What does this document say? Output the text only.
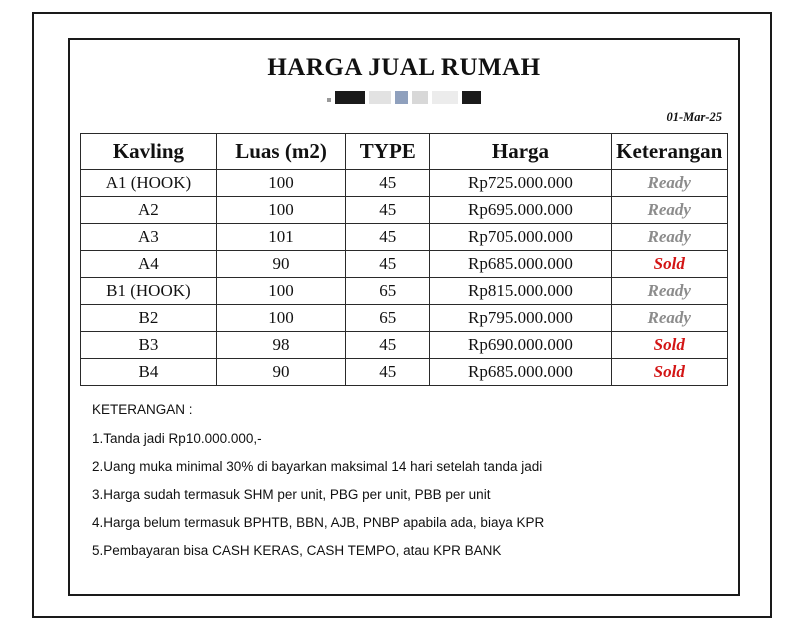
HARGA JUAL RUMAH
01-Mar-25
Kavling	Luas (m2)	TYPE	Harga	Keterangan
A1 (HOOK)	100	45	Rp725.000.000	Ready
A2	100	45	Rp695.000.000	Ready
A3	101	45	Rp705.000.000	Ready
A4	90	45	Rp685.000.000	Sold
B1 (HOOK)	100	65	Rp815.000.000	Ready
B2	100	65	Rp795.000.000	Ready
B3	98	45	Rp690.000.000	Sold
B4	90	45	Rp685.000.000	Sold
KETERANGAN :
1.Tanda jadi Rp10.000.000,-
2.Uang muka minimal 30% di bayarkan maksimal 14 hari setelah tanda jadi
3.Harga sudah termasuk SHM per unit, PBG per unit, PBB per unit
4.Harga belum termasuk BPHTB, BBN, AJB, PNBP apabila ada, biaya KPR
5.Pembayaran bisa CASH KERAS, CASH TEMPO, atau KPR BANK
